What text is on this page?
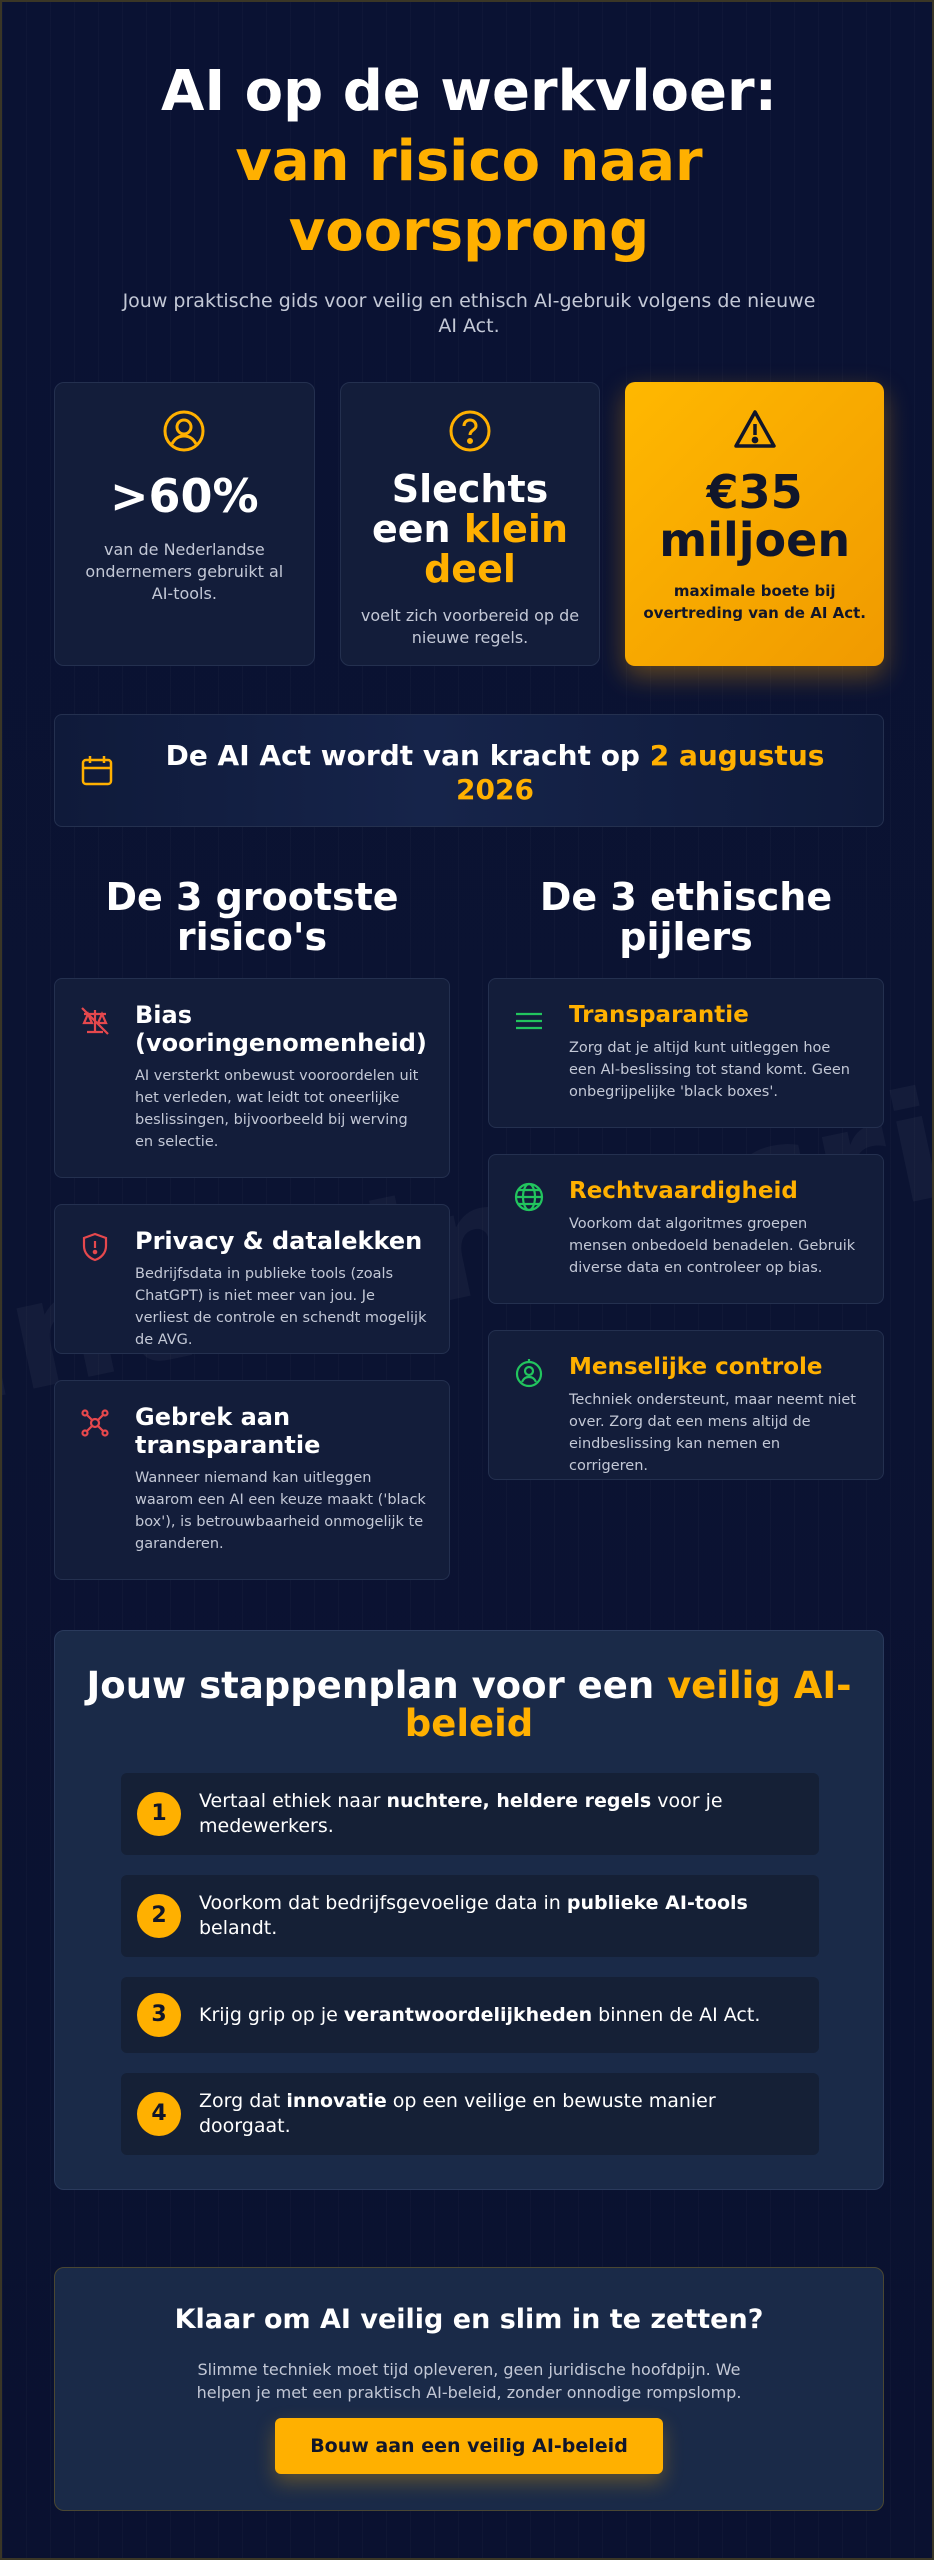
AI op de werkvloer:
van risico naar voorsprong

Jouw praktische gids voor veilig en ethisch AI-gebruik volgens de nieuwe AI Act.

>60%
van de Nederlandse ondernemers gebruikt al AI-tools.
Slechts een klein deel
voelt zich voorbereid op de nieuwe regels.
€35 miljoen
maximale boete bij overtreding van de AI Act.
De AI Act wordt van kracht op 2 augustus 2026
De 3 grootste risico's
Bias (vooringenomenheid)
AI versterkt onbewust vooroordelen uit het verleden, wat leidt tot oneerlijke beslissingen, bijvoorbeeld bij werving en selectie.
Privacy & datalekken
Bedrijfsdata in publieke tools (zoals ChatGPT) is niet meer van jou. Je verliest de controle en schendt mogelijk de AVG.
Gebrek aan transparantie
Wanneer niemand kan uitleggen waarom een AI een keuze maakt ('black box'), is betrouwbaarheid onmogelijk te garanderen.
De 3 ethische pijlers
Transparantie
Zorg dat je altijd kunt uitleggen hoe een AI-beslissing tot stand komt. Geen onbegrijpelijke 'black boxes'.
Rechtvaardigheid
Voorkom dat algoritmes groepen mensen onbedoeld benadelen. Gebruik diverse data en controleer op bias.
Menselijke controle
Techniek ondersteunt, maar neemt niet over. Zorg dat een mens altijd de eindbeslissing kan nemen en corrigeren.
Jouw stappenplan voor een veilig AI-beleid
1	Vertaal ethiek naar nuchtere, heldere regels voor je medewerkers.
2	Voorkom dat bedrijfsgevoelige data in publieke AI-tools belandt.
3	Krijg grip op je verantwoordelijkheden binnen de AI Act.
4	Zorg dat innovatie op een veilige en bewuste manier doorgaat.
Klaar om AI veilig en slim in te zetten?

Slimme techniek moet tijd opleveren, geen juridische hoofdpijn. We helpen je met een praktisch AI-beleid, zonder onnodige rompslomp.

Bouw aan een veilig AI-beleid
